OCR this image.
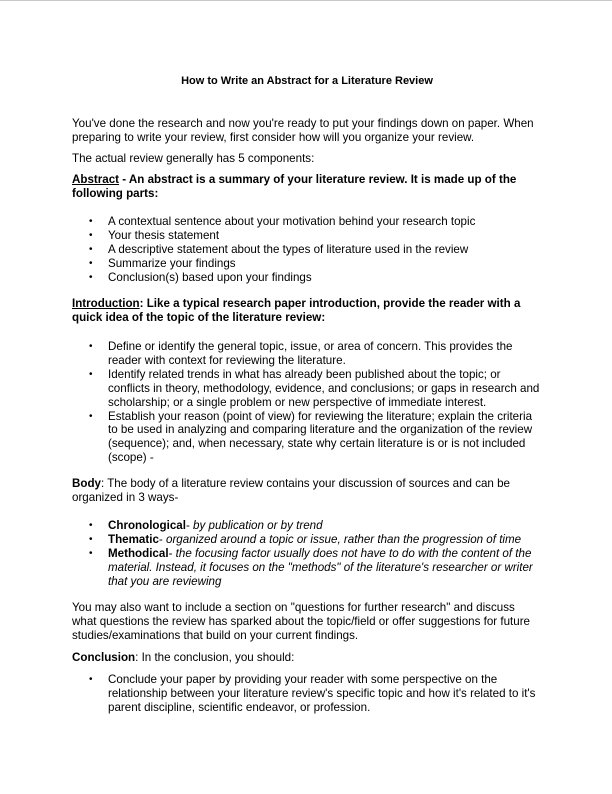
How to Write an Abstract for a Literature Review

You've done the research and now you're ready to put your findings down on paper. When preparing to write your review, first consider how will you organize your review.

The actual review generally has 5 components:

Abstract - An abstract is a summary of your literature review. It is made up of the following parts:

• A contextual sentence about your motivation behind your research topic
• Your thesis statement
• A descriptive statement about the types of literature used in the review
• Summarize your findings
• Conclusion(s) based upon your findings

Introduction: Like a typical research paper introduction, provide the reader with a quick idea of the topic of the literature review:

• Define or identify the general topic, issue, or area of concern. This provides the reader with context for reviewing the literature.
• Identify related trends in what has already been published about the topic; or conflicts in theory, methodology, evidence, and conclusions; or gaps in research and scholarship; or a single problem or new perspective of immediate interest.
• Establish your reason (point of view) for reviewing the literature; explain the criteria to be used in analyzing and comparing literature and the organization of the review (sequence); and, when necessary, state why certain literature is or is not included (scope) -

Body: The body of a literature review contains your discussion of sources and can be organized in 3 ways-

• Chronological- by publication or by trend
• Thematic- organized around a topic or issue, rather than the progression of time
• Methodical- the focusing factor usually does not have to do with the content of the material. Instead, it focuses on the "methods" of the literature's researcher or writer that you are reviewing

You may also want to include a section on "questions for further research" and discuss what questions the review has sparked about the topic/field or offer suggestions for future studies/examinations that build on your current findings.

Conclusion: In the conclusion, you should:

• Conclude your paper by providing your reader with some perspective on the relationship between your literature review's specific topic and how it's related to it's parent discipline, scientific endeavor, or profession.
